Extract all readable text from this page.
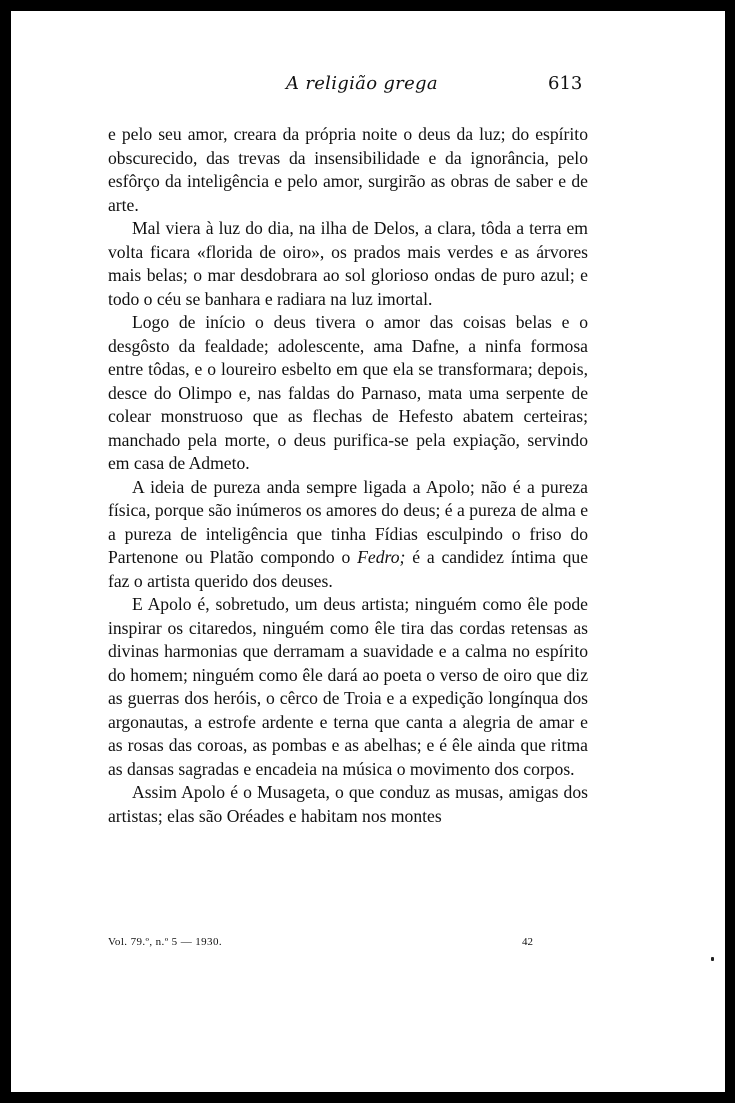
A religião grega	613

e pelo seu amor, creara da própria noite o deus da luz; do espírito obscurecido, das trevas da insensibilidade e da ignorância, pelo esfôrço da inteligência e pelo amor, surgirão as obras de saber e de arte.

Mal viera à luz do dia, na ilha de Delos, a clara, tôda a terra em volta ficara «florida de oiro», os prados mais verdes e as árvores mais belas; o mar desdobrara ao sol glorioso ondas de puro azul; e todo o céu se banhara e radiara na luz imortal.

Logo de início o deus tivera o amor das coisas belas e o desgôsto da fealdade; adolescente, ama Dafne, a ninfa formosa entre tôdas, e o loureiro esbelto em que ela se transformara; depois, desce do Olimpo e, nas faldas do Parnaso, mata uma serpente de colear monstruoso que as flechas de Hefesto abatem certeiras; manchado pela morte, o deus purifica-se pela expiação, servindo em casa de Admeto.

A ideia de pureza anda sempre ligada a Apolo; não é a pureza física, porque são inúmeros os amores do deus; é a pureza de alma e a pureza de inteligência que tinha Fídias esculpindo o friso do Partenone ou Platão compondo o Fedro; é a candidez íntima que faz o artista querido dos deuses.

E Apolo é, sobretudo, um deus artista; ninguém como êle pode inspirar os citaredos, ninguém como êle tira das cordas retensas as divinas harmonias que derramam a suavidade e a calma no espírito do homem; ninguém como êle dará ao poeta o verso de oiro que diz as guerras dos heróis, o cêrco de Troia e a expedição longínqua dos argonautas, a estrofe ardente e terna que canta a alegria de amar e as rosas das coroas, as pombas e as abelhas; e é êle ainda que ritma as dansas sagradas e encadeia na música o movimento dos corpos.

Assim Apolo é o Musageta, o que conduz as musas, amigas dos artistas; elas são Oréades e habitam nos montes

Vol. 79.º, n.º 5 — 1930.	42
